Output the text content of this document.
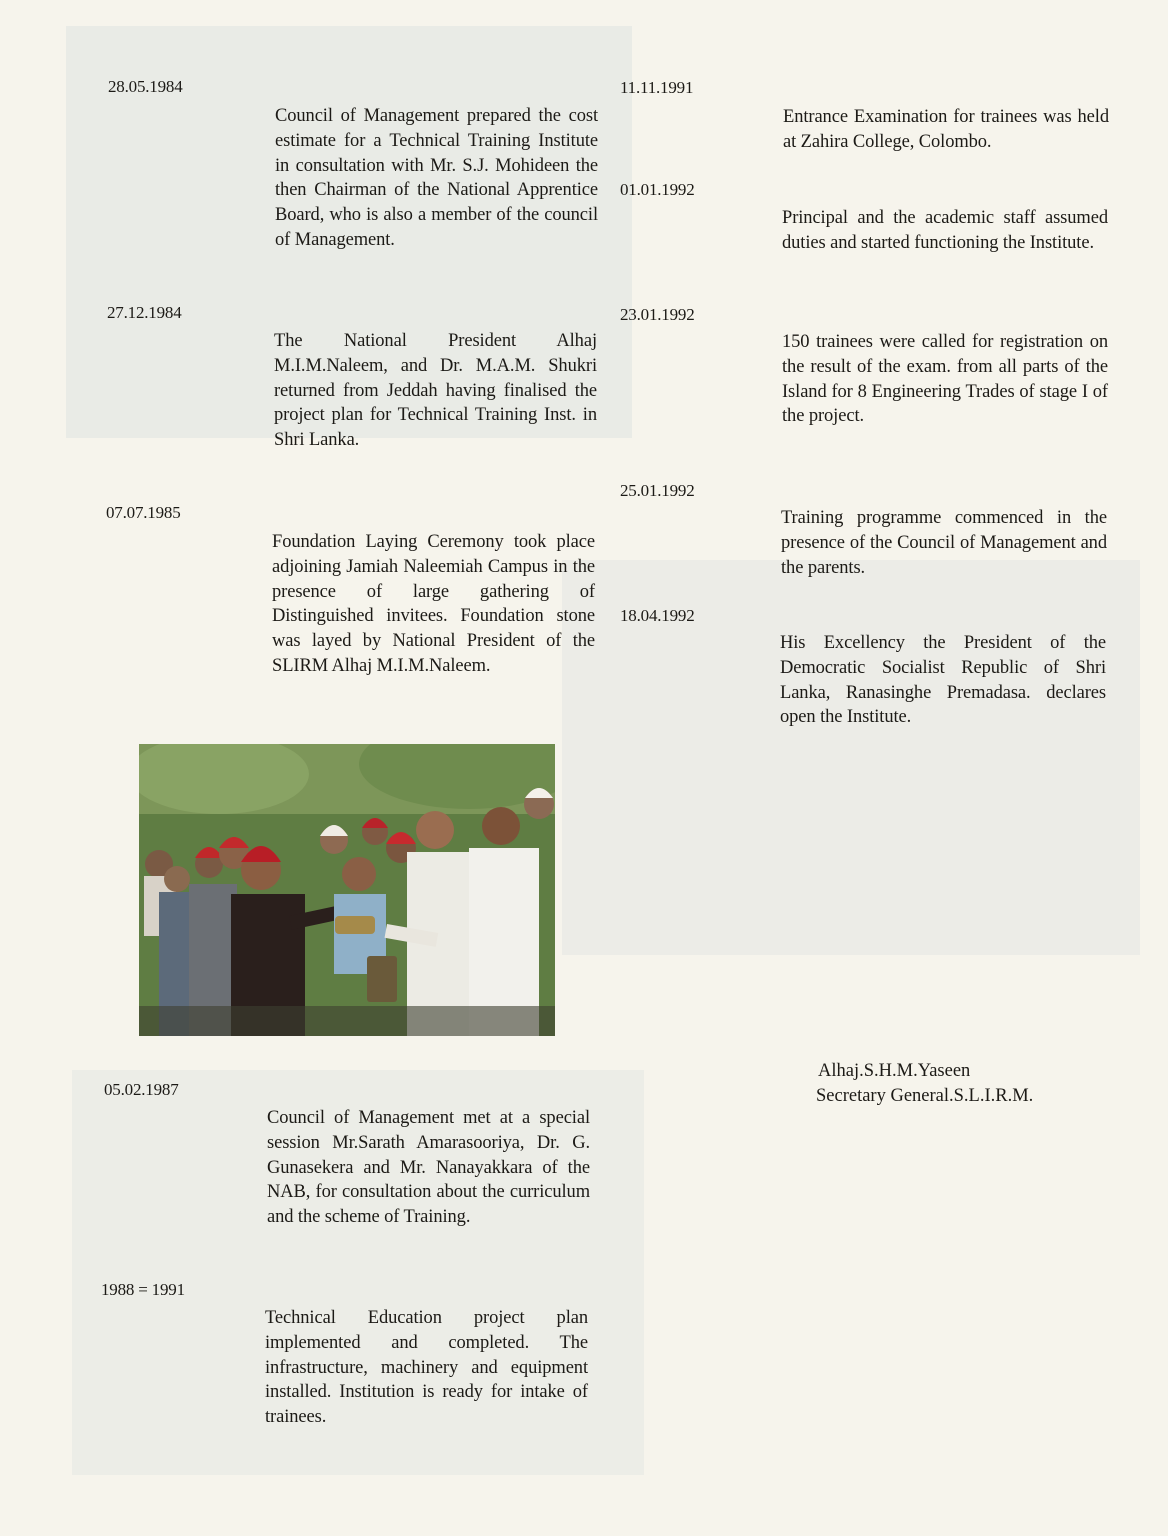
28.05.1984
Council of Management prepared the cost estimate for a Technical Training Institute in consultation with Mr. S.J. Mohideen the then Chairman of the National Apprentice Board, who is also a member of the council of Management.
27.12.1984
The National President Alhaj M.I.M.Naleem, and Dr. M.A.M. Shukri returned from Jeddah having finalised the project plan for Technical Training Inst. in Shri Lanka.
07.07.1985
Foundation Laying Ceremony took place adjoining Jamiah Naleemiah Campus in the presence of large gathering of Distinguished invitees. Foundation stone was layed by National President of the SLIRM Alhaj M.I.M.Naleem.
05.02.1987
Council of Management met at a special session Mr.Sarath Amarasooriya, Dr. G. Gunasekera and Mr. Nanayakkara of the NAB, for consultation about the curriculum and the scheme of Training.
1988 = 1991
Technical Education project plan implemented and completed. The infrastructure, machinery and equipment installed. Institution is ready for intake of trainees.
11.11.1991
Entrance Examination for trainees was held at Zahira College, Colombo.
01.01.1992
Principal and the academic staff assumed duties and started functioning the Institute.
23.01.1992
150 trainees were called for registration on the result of the exam. from all parts of the Island for 8 Engineering Trades of stage I of the project.
25.01.1992
Training programme commenced in the presence of the Council of Management and the parents.
18.04.1992
His Excellency the President of the Democratic Socialist Republic of Shri Lanka, Ranasinghe Premadasa. declares open the Institute.
Alhaj.S.H.M.Yaseen
Secretary General.S.L.I.R.M.
